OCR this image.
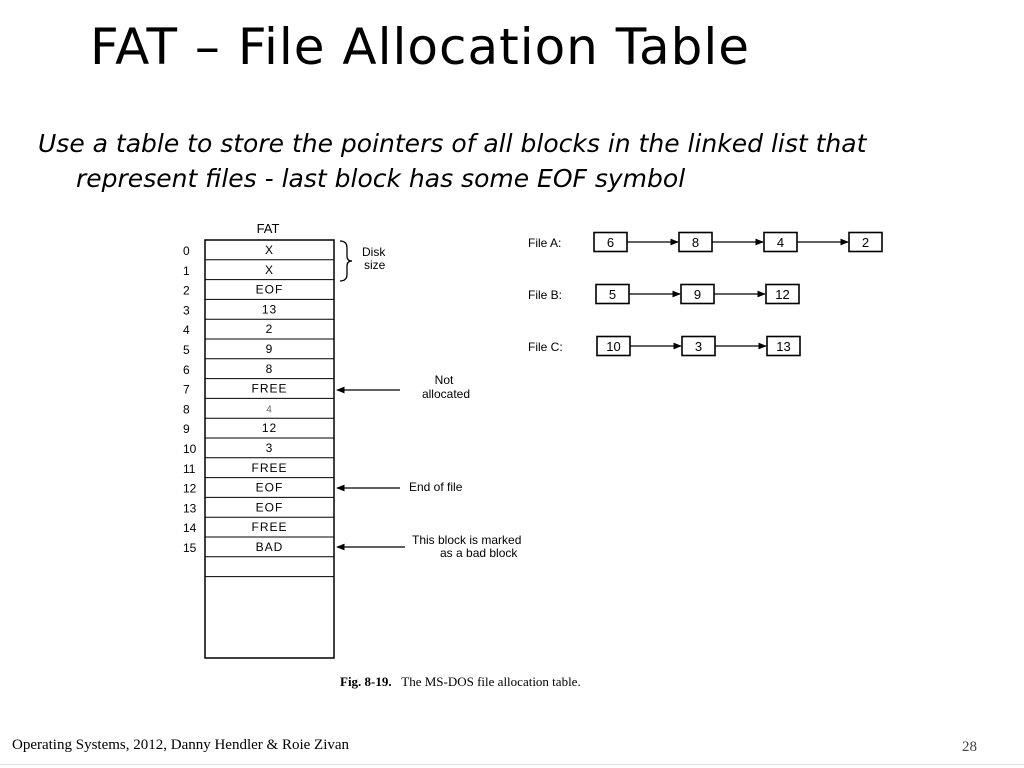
FAT – File Allocation Table
Use a table to store the pointers of all blocks in the linked list that
represent files - last block has some EOF symbol
FAT
0	X
1	X
2	EOF
3	13
4	2
5	9
6	8
7	FREE
8	4
9	12
10	3
11	FREE
12	EOF
13	EOF
14	FREE
15	BAD
Disk
size
Not
allocated
End of file
This block is marked
as a bad block
File A:	6	8	4	2
File B:	5	9	12
File C:	10	3	13
Fig. 8-19. The MS-DOS file allocation table.
Operating Systems, 2012, Danny Hendler & Roie Zivan	28
